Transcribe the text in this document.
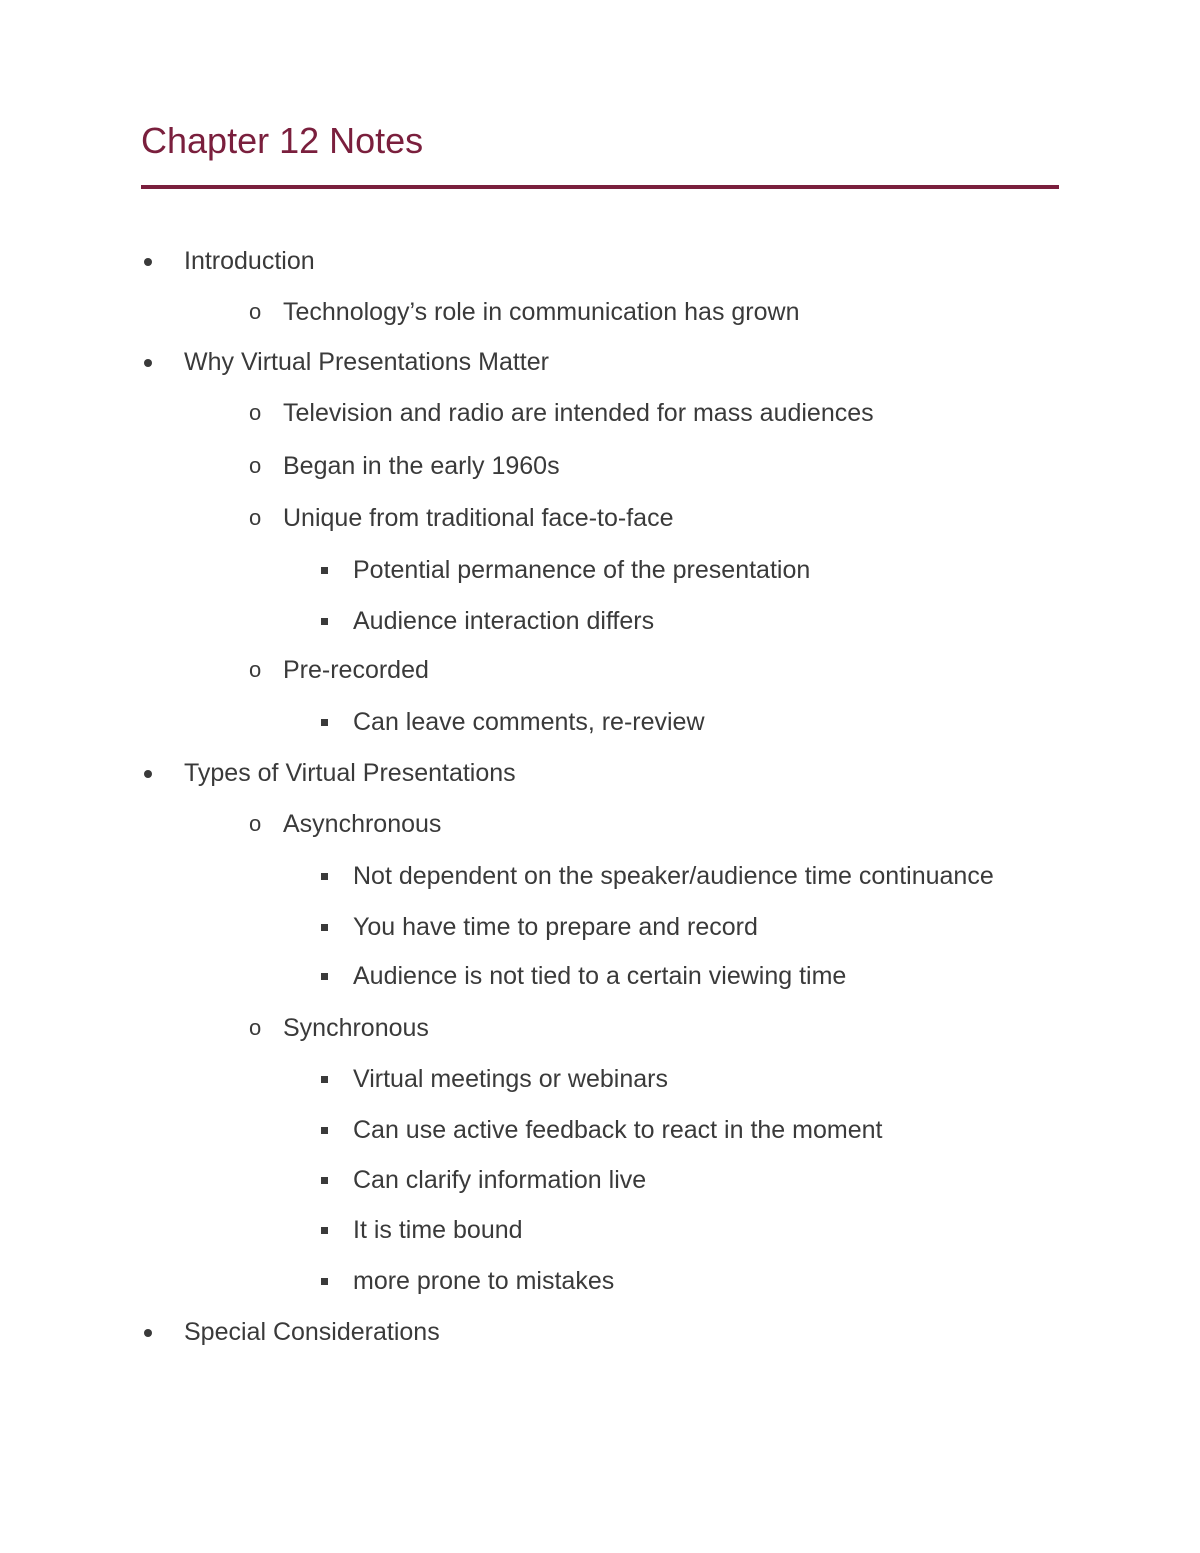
Chapter 12 Notes
Introduction
o
Technology’s role in communication has grown
Why Virtual Presentations Matter
o
Television and radio are intended for mass audiences
o
Began in the early 1960s
o
Unique from traditional face-to-face
Potential permanence of the presentation
Audience interaction differs
o
Pre-recorded
Can leave comments, re-review
Types of Virtual Presentations
o
Asynchronous
Not dependent on the speaker/audience time continuance
You have time to prepare and record
Audience is not tied to a certain viewing time
o
Synchronous
Virtual meetings or webinars
Can use active feedback to react in the moment
Can clarify information live
It is time bound
more prone to mistakes
Special Considerations
